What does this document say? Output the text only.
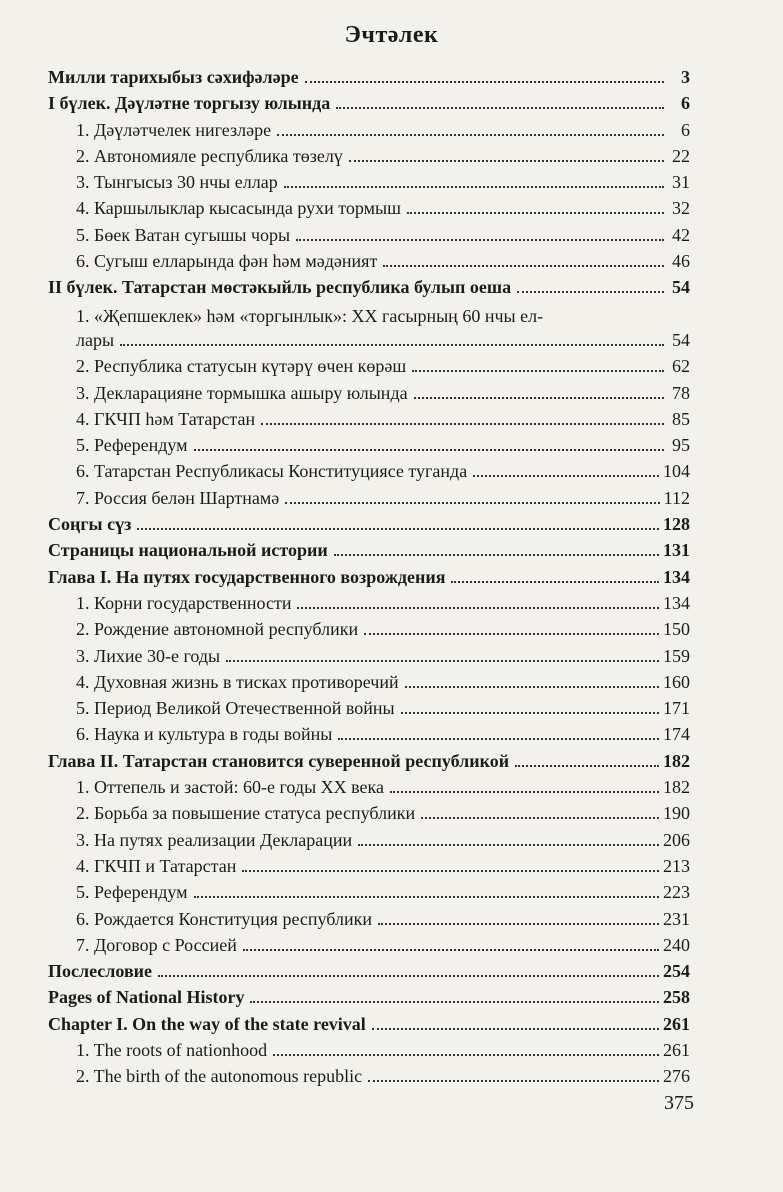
Эчтәлек
Милли тарихыбыз сәхифәләре	3
I бүлек. Дәүләтне торгызу юлында	6
1. Дәүләтчелек нигезләре	6
2. Автономияле республика төзелү	22
3. Тынгысыз 30 нчы еллар	31
4. Каршылыклар кысасында рухи тормыш	32
5. Бөек Ватан сугышы чоры	42
6. Сугыш елларында фән һәм мәдәният	46
II бүлек. Татарстан мөстәкыйль республика булып оеша	54
1. «Җепшеклек» һәм «торгынлык»: XX гасырның 60 нчы ел-
лары	54
2. Республика статусын күтәрү өчен көрәш	62
3. Декларацияне тормышка ашыру юлында	78
4. ГКЧП һәм Татарстан	85
5. Референдум	95
6. Татарстан Республикасы Конституциясе туганда	104
7. Россия белән Шартнамә	112
Соңгы сүз	128
Страницы национальной истории	131
Глава I. На путях государственного возрождения	134
1. Корни государственности	134
2. Рождение автономной республики	150
3. Лихие 30-е годы	159
4. Духовная жизнь в тисках противоречий	160
5. Период Великой Отечественной войны	171
6. Наука и культура в годы войны	174
Глава II. Татарстан становится суверенной республикой	182
1. Оттепель и застой: 60-е годы XX века	182
2. Борьба за повышение статуса республики	190
3. На путях реализации Декларации	206
4. ГКЧП и Татарстан	213
5. Референдум	223
6. Рождается Конституция республики	231
7. Договор с Россией	240
Послесловие	254
Pages of National History	258
Chapter I. On the way of the state revival	261
1. The roots of nationhood	261
2. The birth of the autonomous republic	276
375
